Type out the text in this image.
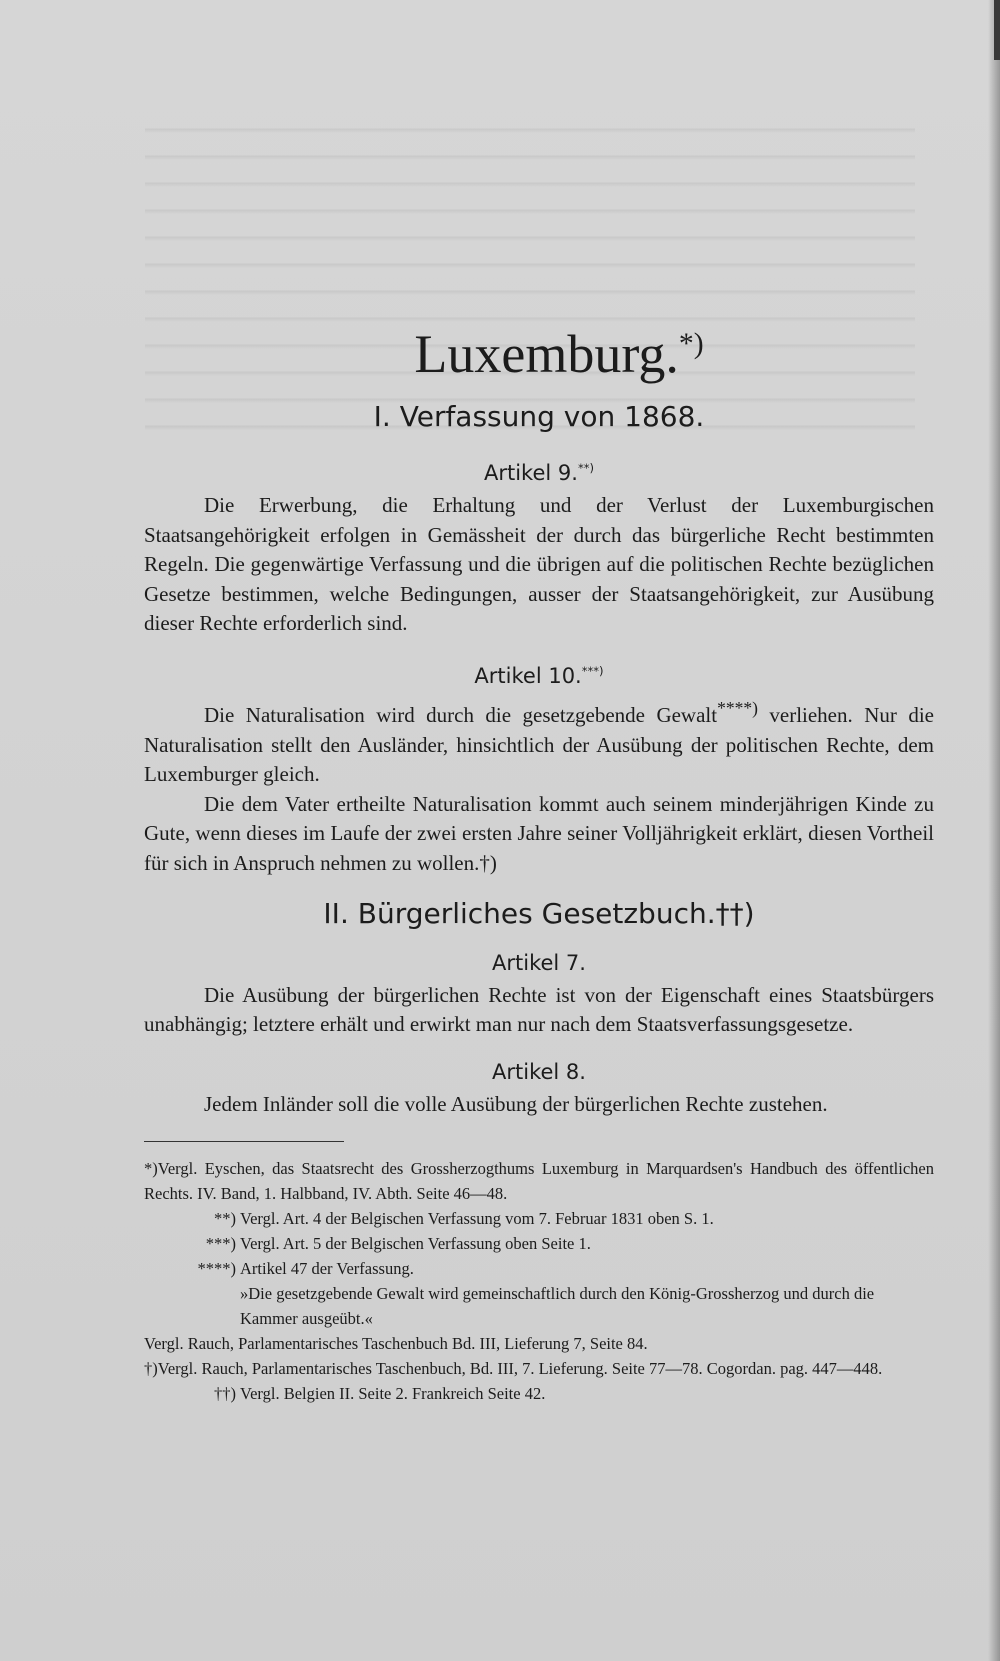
Luxemburg.*)
I. Verfassung von 1868.
Artikel 9.**)

Die Erwerbung, die Erhaltung und der Verlust der Luxemburgischen Staatsangehörigkeit erfolgen in Gemässheit der durch das bürgerliche Recht bestimmten Regeln. Die gegenwärtige Verfassung und die übrigen auf die politischen Rechte bezüglichen Gesetze bestimmen, welche Bedingungen, ausser der Staatsangehörigkeit, zur Ausübung dieser Rechte erforderlich sind.

Artikel 10.***)

Die Naturalisation wird durch die gesetzgebende Gewalt****) verliehen. Nur die Naturalisation stellt den Ausländer, hinsichtlich der Ausübung der politischen Rechte, dem Luxemburger gleich.

Die dem Vater ertheilte Naturalisation kommt auch seinem minderjährigen Kinde zu Gute, wenn dieses im Laufe der zwei ersten Jahre seiner Volljährigkeit erklärt, diesen Vortheil für sich in Anspruch nehmen zu wollen.†)

II. Bürgerliches Gesetzbuch.††)
Artikel 7.

Die Ausübung der bürgerlichen Rechte ist von der Eigenschaft eines Staatsbürgers unabhängig; letztere erhält und erwirkt man nur nach dem Staatsverfassungsgesetze.

Artikel 8.

Jedem Inländer soll die volle Ausübung der bürgerlichen Rechte zustehen.

*)Vergl. Eyschen, das Staatsrecht des Grossherzogthums Luxemburg in Marquardsen's Handbuch des öffentlichen Rechts. IV. Band, 1. Halbband, IV. Abth. Seite 46—48.

**) Vergl. Art. 4 der Belgischen Verfassung vom 7. Februar 1831 oben S. 1.

***) Vergl. Art. 5 der Belgischen Verfassung oben Seite 1.

****) Artikel 47 der Verfassung.

»Die gesetzgebende Gewalt wird gemeinschaftlich durch den König-Grossherzog und durch die Kammer ausgeübt.«

Vergl. Rauch, Parlamentarisches Taschenbuch Bd. III, Lieferung 7, Seite 84.

†)Vergl. Rauch, Parlamentarisches Taschenbuch, Bd. III, 7. Lieferung. Seite 77—78. Cogordan. pag. 447—448.

††) Vergl. Belgien II. Seite 2. Frankreich Seite 42.
